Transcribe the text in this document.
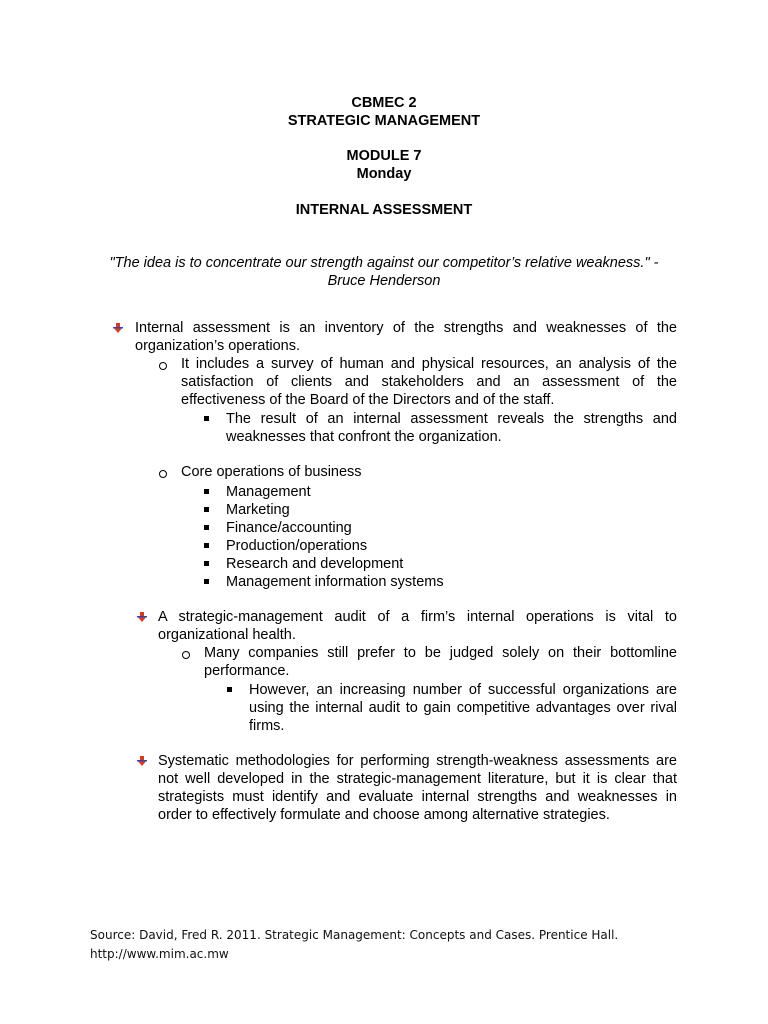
CBMEC 2
STRATEGIC MANAGEMENT
MODULE 7
Monday
INTERNAL ASSESSMENT
"The idea is to concentrate our strength against our competitor’s relative weakness." -
Bruce Henderson
Internal assessment is an inventory of the strengths and weaknesses of the organization’s operations.
It includes a survey of human and physical resources, an analysis of the satisfaction of clients and stakeholders and an assessment of the effectiveness of the Board of the Directors and of the staff.
The result of an internal assessment reveals the strengths and weaknesses that confront the organization.
Core operations of business
Management
Marketing
Finance/accounting
Production/operations
Research and development
Management information systems
A strategic-management audit of a firm’s internal operations is vital to organizational health.
Many companies still prefer to be judged solely on their bottomline performance.
However, an increasing number of successful organizations are using the internal audit to gain competitive advantages over rival firms.
Systematic methodologies for performing strength-weakness assessments are not well developed in the strategic-management literature, but it is clear that strategists must identify and evaluate internal strengths and weaknesses in order to effectively formulate and choose among alternative strategies.
Source: David, Fred R. 2011. Strategic Management: Concepts and Cases. Prentice Hall.
http://www.mim.ac.mw
